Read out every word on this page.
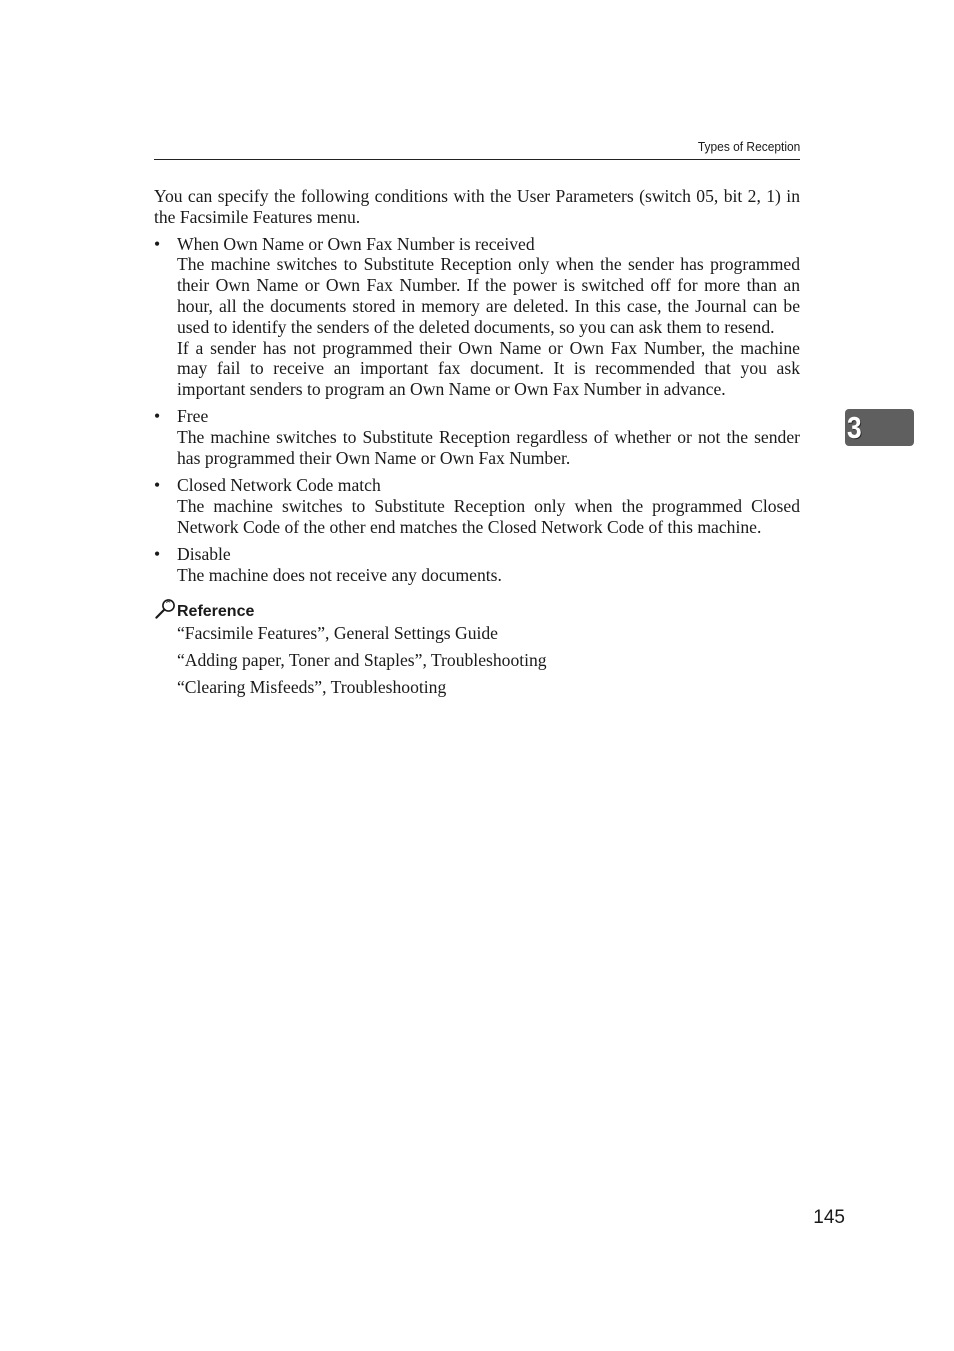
Types of Reception
3

You can specify the following conditions with the User Parameters (switch 05, bit 2, 1) in the Facsimile Features menu.

• When Own Name or Own Fax Number is received
The machine switches to Substitute Reception only when the sender has programmed their Own Name or Own Fax Number. If the power is switched off for more than an hour, all the documents stored in memory are deleted. In this case, the Journal can be used to identify the senders of the deleted documents, so you can ask them to resend.
If a sender has not programmed their Own Name or Own Fax Number, the machine may fail to receive an important fax document. It is recommended that you ask important senders to program an Own Name or Own Fax Number in advance.
• Free
The machine switches to Substitute Reception regardless of whether or not the sender has programmed their Own Name or Own Fax Number.
• Closed Network Code match
The machine switches to Substitute Reception only when the programmed Closed Network Code of the other end matches the Closed Network Code of this machine.
• Disable
The machine does not receive any documents.
Reference
“Facsimile Features”, General Settings Guide
“Adding paper, Toner and Staples”, Troubleshooting
“Clearing Misfeeds”, Troubleshooting
145
